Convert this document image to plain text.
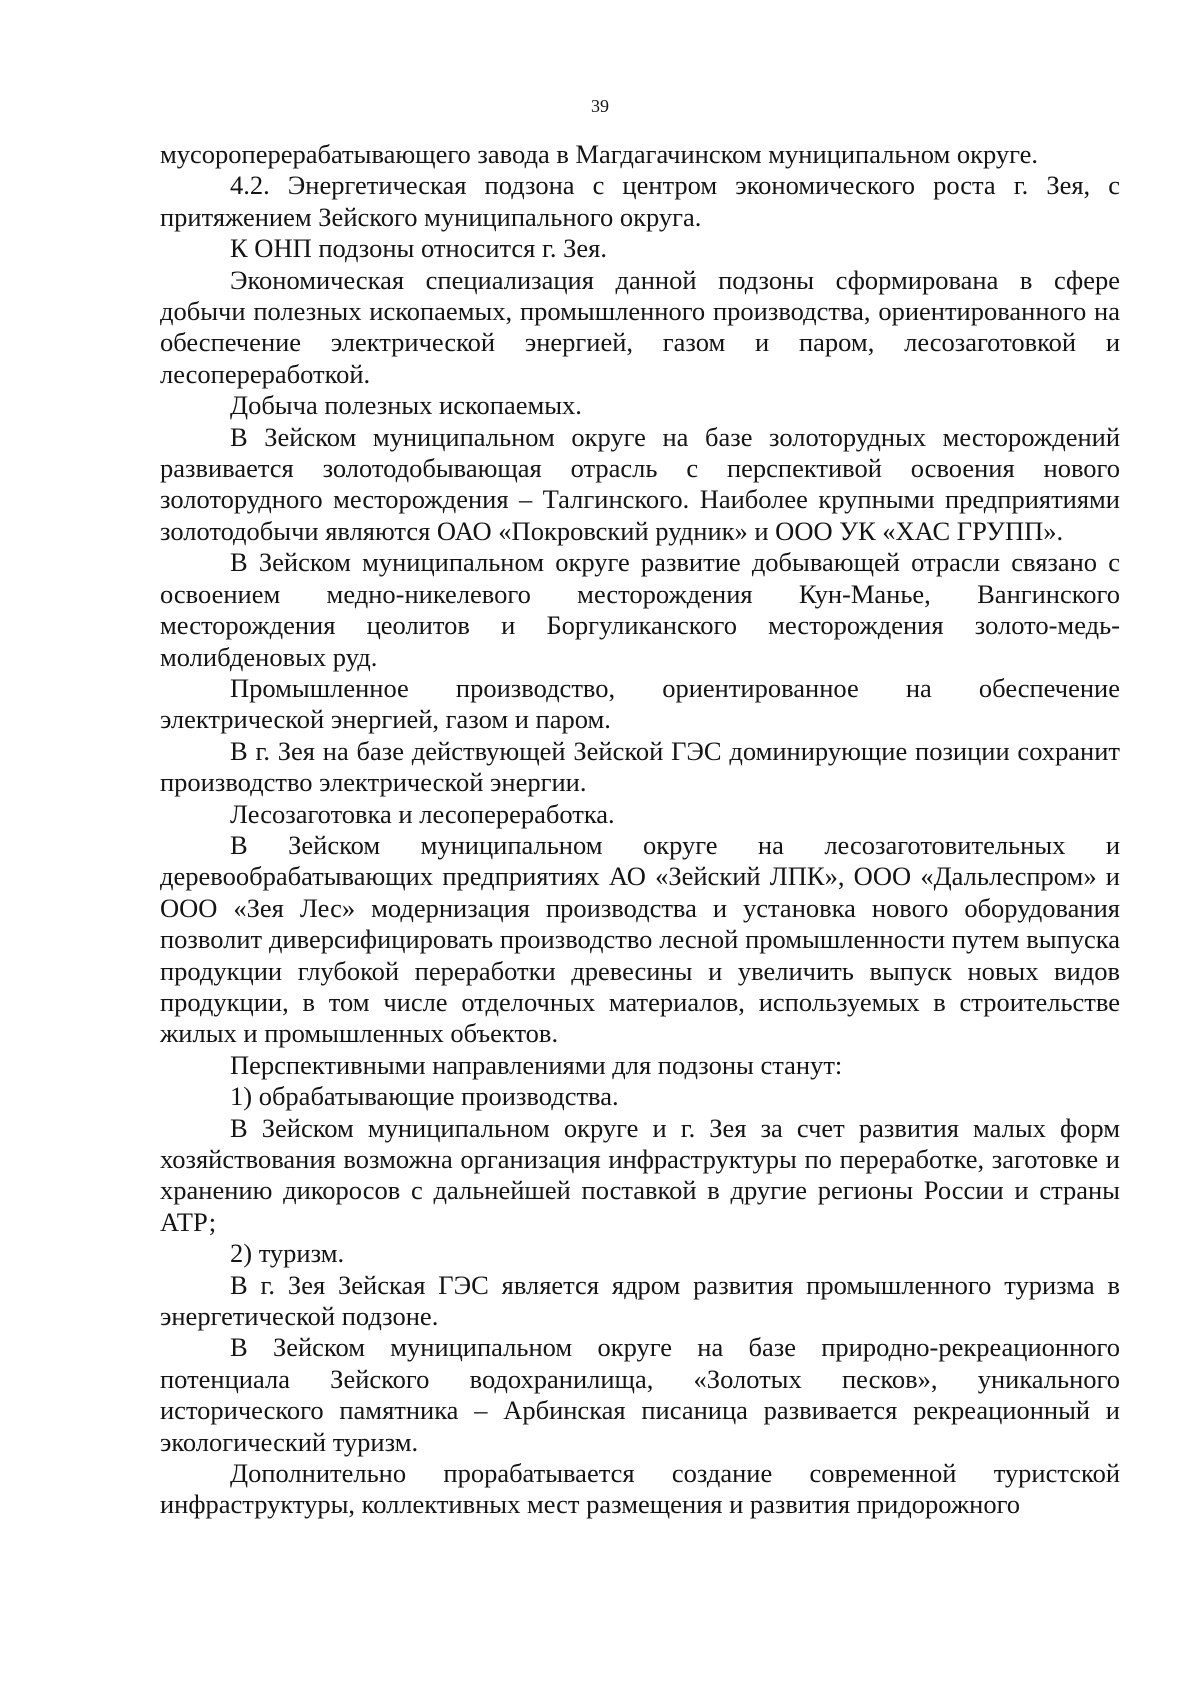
39

мусороперерабатывающего завода в Магдагачинском муниципальном округе.

4.2. Энергетическая подзона с центром экономического роста г. Зея, с притяжением Зейского муниципального округа.

К ОНП подзоны относится г. Зея.

Экономическая специализация данной подзоны сформирована в сфере добычи полезных ископаемых, промышленного производства, ориентированного на обеспечение электрической энергией, газом и паром, лесозаготовкой и лесопереработкой.

Добыча полезных ископаемых.

В Зейском муниципальном округе на базе золоторудных месторождений развивается золотодобывающая отрасль с перспективой освоения нового золоторудного месторождения – Талгинского. Наиболее крупными предприятиями золотодобычи являются ОАО «Покровский рудник» и ООО УК «ХАС ГРУПП».

В Зейском муниципальном округе развитие добывающей отрасли связано с освоением медно-никелевого месторождения Кун-Манье, Вангинского месторождения цеолитов и Боргуликанского месторождения золото-медь-молибденовых руд.

Промышленное производство, ориентированное на обеспечение электрической энергией, газом и паром.

В г. Зея на базе действующей Зейской ГЭС доминирующие позиции сохранит производство электрической энергии.

Лесозаготовка и лесопереработка.

В Зейском муниципальном округе на лесозаготовительных и деревообрабатывающих предприятиях АО «Зейский ЛПК», ООО «Дальлеспром» и ООО «Зея Лес» модернизация производства и установка нового оборудования позволит диверсифицировать производство лесной промышленности путем выпуска продукции глубокой переработки древесины и увеличить выпуск новых видов продукции, в том числе отделочных материалов, используемых в строительстве жилых и промышленных объектов.

Перспективными направлениями для подзоны станут:

1) обрабатывающие производства.

В Зейском муниципальном округе и г. Зея за счет развития малых форм хозяйствования возможна организация инфраструктуры по переработке, заготовке и хранению дикоросов с дальнейшей поставкой в другие регионы России и страны АТР;

2) туризм.

В г. Зея Зейская ГЭС является ядром развития промышленного туризма в энергетической подзоне.

В Зейском муниципальном округе на базе природно-рекреационного потенциала Зейского водохранилища, «Золотых песков», уникального исторического памятника – Арбинская писаница развивается рекреационный и экологический туризм.

Дополнительно прорабатывается создание современной туристской инфраструктуры, коллективных мест размещения и развития придорожного
